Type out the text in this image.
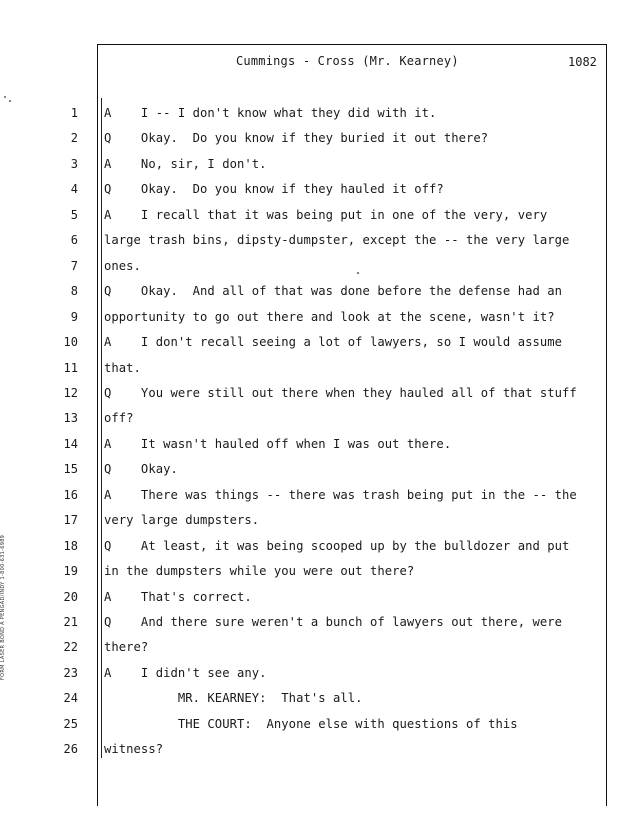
Cummings - Cross (Mr. Kearney)	1082
FORM LASER BOND A PENGAD/INDY 1-800-631-6989
1 A    I -- I don't know what they did with it.
2 Q    Okay.  Do you know if they buried it out there?
3 A    No, sir, I don't.
4 Q    Okay.  Do you know if they hauled it off?
5 A    I recall that it was being put in one of the very, very
6 large trash bins, dipsty-dumpster, except the -- the very large
7 ones.
8 Q    Okay.  And all of that was done before the defense had an
9 opportunity to go out there and look at the scene, wasn't it?
10 A    I don't recall seeing a lot of lawyers, so I would assume
11 that.
12 Q    You were still out there when they hauled all of that stuff
13 off?
14 A    It wasn't hauled off when I was out there.
15 Q    Okay.
16 A    There was things -- there was trash being put in the -- the
17 very large dumpsters.
18 Q    At least, it was being scooped up by the bulldozer and put
19 in the dumpsters while you were out there?
20 A    That's correct.
21 Q    And there sure weren't a bunch of lawyers out there, were
22 there?
23 A    I didn't see any.
24 MR. KEARNEY:  That's all.
25 THE COURT:  Anyone else with questions of this
26 witness?
